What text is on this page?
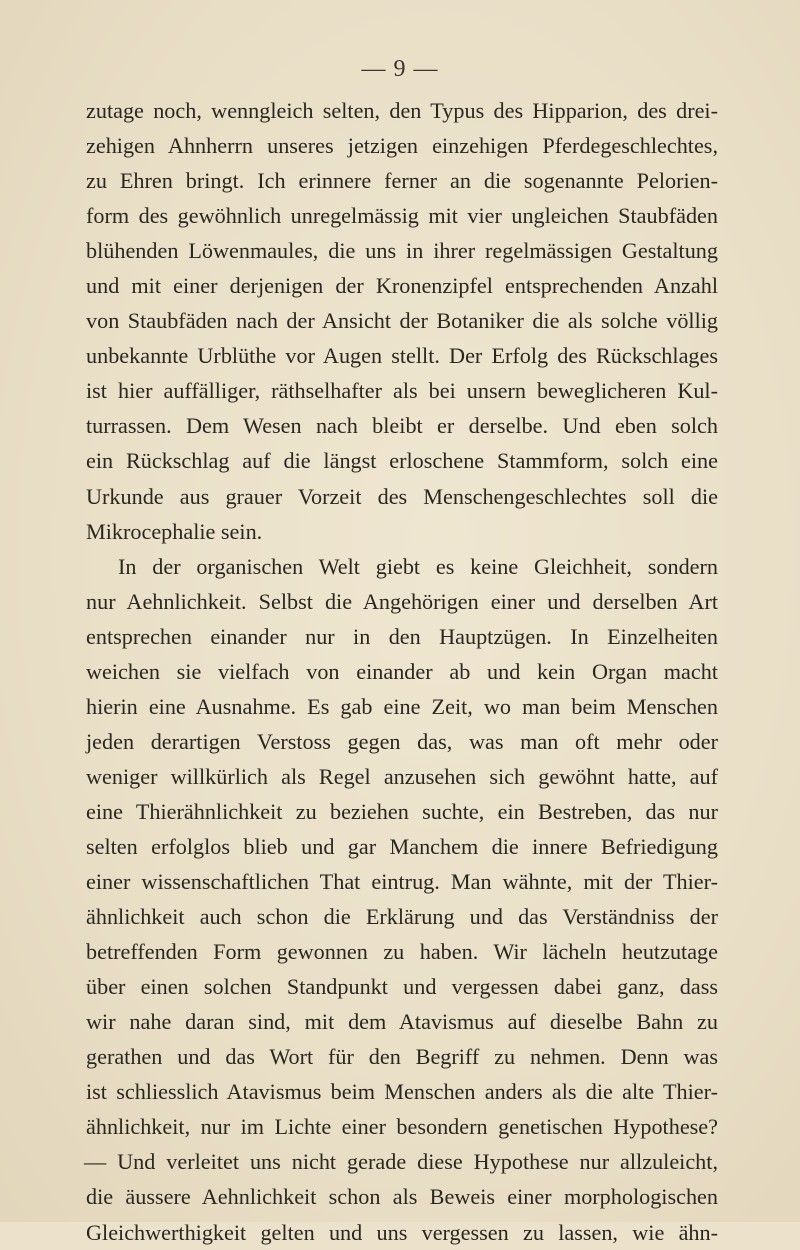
— 9 —
zutage noch, wenngleich selten, den Typus des Hipparion, des drei-
zehigen Ahnherrn unseres jetzigen einzehigen Pferdegeschlechtes,
zu Ehren bringt. Ich erinnere ferner an die sogenannte Pelorien-
form des gewöhnlich unregelmässig mit vier ungleichen Staubfäden
blühenden Löwenmaules, die uns in ihrer regelmässigen Gestaltung
und mit einer derjenigen der Kronenzipfel entsprechenden Anzahl
von Staubfäden nach der Ansicht der Botaniker die als solche völlig
unbekannte Urblüthe vor Augen stellt. Der Erfolg des Rückschlages
ist hier auffälliger, räthselhafter als bei unsern beweglicheren Kul-
turrassen. Dem Wesen nach bleibt er derselbe. Und eben solch
ein Rückschlag auf die längst erloschene Stammform, solch eine
Urkunde aus grauer Vorzeit des Menschengeschlechtes soll die
Mikrocephalie sein.
In der organischen Welt giebt es keine Gleichheit, sondern
nur Aehnlichkeit. Selbst die Angehörigen einer und derselben Art
entsprechen einander nur in den Hauptzügen. In Einzelheiten
weichen sie vielfach von einander ab und kein Organ macht
hierin eine Ausnahme. Es gab eine Zeit, wo man beim Menschen
jeden derartigen Verstoss gegen das, was man oft mehr oder
weniger willkürlich als Regel anzusehen sich gewöhnt hatte, auf
eine Thierähnlichkeit zu beziehen suchte, ein Bestreben, das nur
selten erfolglos blieb und gar Manchem die innere Befriedigung
einer wissenschaftlichen That eintrug. Man wähnte, mit der Thier-
ähnlichkeit auch schon die Erklärung und das Verständniss der
betreffenden Form gewonnen zu haben. Wir lächeln heutzutage
über einen solchen Standpunkt und vergessen dabei ganz, dass
wir nahe daran sind, mit dem Atavismus auf dieselbe Bahn zu
gerathen und das Wort für den Begriff zu nehmen. Denn was
ist schliesslich Atavismus beim Menschen anders als die alte Thier-
ähnlichkeit, nur im Lichte einer besondern genetischen Hypothese?
— Und verleitet uns nicht gerade diese Hypothese nur allzuleicht,
die äussere Aehnlichkeit schon als Beweis einer morphologischen
Gleichwerthigkeit gelten und uns vergessen zu lassen, wie ähn-
